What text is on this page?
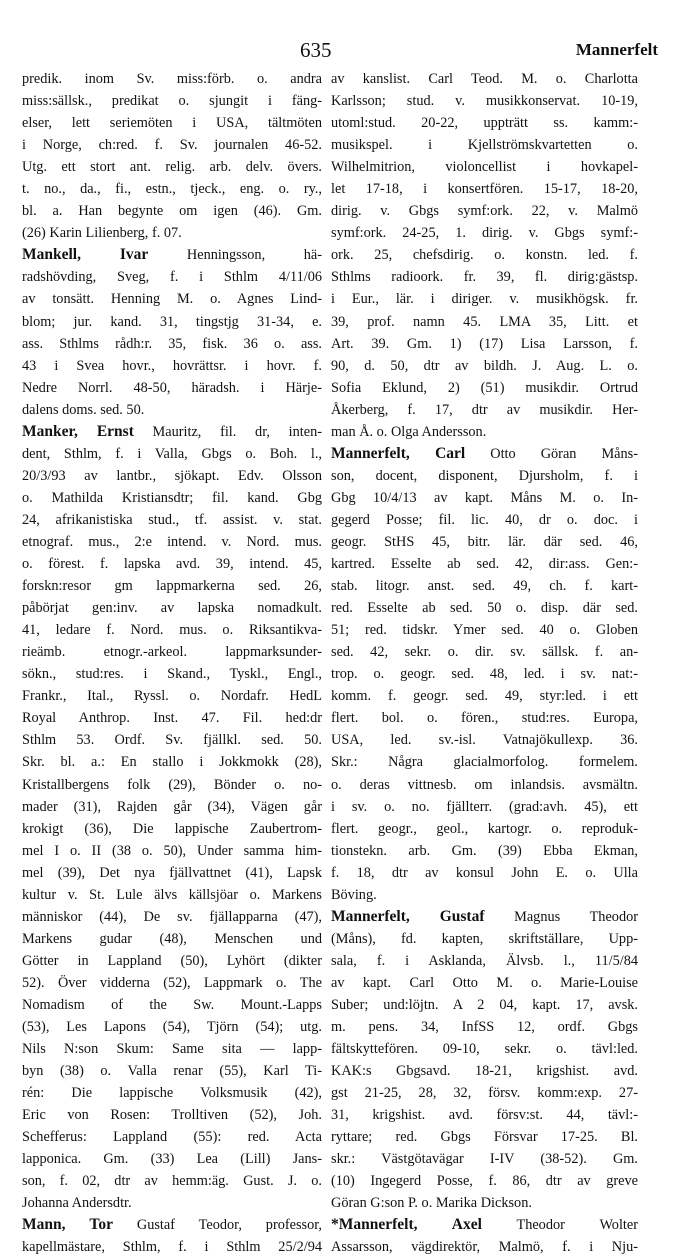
635	Mannerfelt
predik. inom Sv. miss:förb. o. andra
miss:sällsk., predikat o. sjungit i fäng-
elser, lett seriemöten i USA, tältmöten
i Norge, ch:red. f. Sv. journalen 46-52.
Utg. ett stort ant. relig. arb. delv. övers.
t. no., da., fi., estn., tjeck., eng. o. ry.,
bl. a. Han begynte om igen (46). Gm.
(26) Karin Lilienberg, f. 07.
Mankell, Ivar Henningsson, hä-
radshövding, Sveg, f. i Sthlm 4/11/06
av tonsätt. Henning M. o. Agnes Lind-
blom; jur. kand. 31, tingstjg 31-34, e.
ass. Sthlms rådh:r. 35, fisk. 36 o. ass.
43 i Svea hovr., hovrättsr. i hovr. f.
Nedre Norrl. 48-50, häradsh. i Härje-
dalens doms. sed. 50.
Manker, Ernst Mauritz, fil. dr, inten-
dent, Sthlm, f. i Valla, Gbgs o. Boh. l.,
20/3/93 av lantbr., sjökapt. Edv. Olsson
o. Mathilda Kristiansdtr; fil. kand. Gbg
24, afrikanistiska stud., tf. assist. v. stat.
etnograf. mus., 2:e intend. v. Nord. mus.
o. förest. f. lapska avd. 39, intend. 45,
forskn:resor gm lappmarkerna sed. 26,
påbörjat gen:inv. av lapska nomadkult.
41, ledare f. Nord. mus. o. Riksantikva-
rieämb. etnogr.-arkeol. lappmarksunder-
sökn., stud:res. i Skand., Tyskl., Engl.,
Frankr., Ital., Ryssl. o. Nordafr. HedL
Royal Anthrop. Inst. 47. Fil. hed:dr
Sthlm 53. Ordf. Sv. fjällkl. sed. 50.
Skr. bl. a.: En stallo i Jokkmokk (28),
Kristallbergens folk (29), Bönder o. no-
mader (31), Rajden går (34), Vägen går
krokigt (36), Die lappische Zaubertrom-
mel I o. II (38 o. 50), Under samma him-
mel (39), Det nya fjällvattnet (41), Lapsk
kultur v. St. Lule älvs källsjöar o. Markens
människor (44), De sv. fjällapparna (47),
Markens gudar (48), Menschen und
Götter in Lappland (50), Lyhört (dikter
52). Över vidderna (52), Lappmark o. The
Nomadism of the Sw. Mount.-Lapps
(53), Les Lapons (54), Tjörn (54); utg.
Nils N:son Skum: Same sita — lapp-
byn (38) o. Valla renar (55), Karl Ti-
rén: Die lappische Volksmusik (42),
Eric von Rosen: Trolltiven (52), Joh.
Schefferus: Lappland (55): red. Acta
lapponica. Gm. (33) Lea (Lill) Jans-
son, f. 02, dtr av hemm:äg. Gust. J. o.
Johanna Andersdtr.
Mann, Tor Gustaf Teodor, professor,
kapellmästare, Sthlm, f. i Sthlm 25/2/94
av kanslist. Carl Teod. M. o. Charlotta
Karlsson; stud. v. musikkonservat. 10-19,
utoml:stud. 20-22, uppträtt ss. kamm:-
musikspel. i Kjellströmskvartetten o.
Wilhelmitrion, violoncellist i hovkapel-
let 17-18, i konsertfören. 15-17, 18-20,
dirig. v. Gbgs symf:ork. 22, v. Malmö
symf:ork. 24-25, 1. dirig. v. Gbgs symf:-
ork. 25, chefsdirig. o. konstn. led. f.
Sthlms radioork. fr. 39, fl. dirig:gästsp.
i Eur., lär. i diriger. v. musikhögsk. fr.
39, prof. namn 45. LMA 35, Litt. et
Art. 39. Gm. 1) (17) Lisa Larsson, f.
90, d. 50, dtr av bildh. J. Aug. L. o.
Sofia Eklund, 2) (51) musikdir. Ortrud
Åkerberg, f. 17, dtr av musikdir. Her-
man Å. o. Olga Andersson.
Mannerfelt, Carl Otto Göran Måns-
son, docent, disponent, Djursholm, f. i
Gbg 10/4/13 av kapt. Måns M. o. In-
gegerd Posse; fil. lic. 40, dr o. doc. i
geogr. StHS 45, bitr. lär. där sed. 46,
kartred. Esselte ab sed. 42, dir:ass. Gen:-
stab. litogr. anst. sed. 49, ch. f. kart-
red. Esselte ab sed. 50 o. disp. där sed.
51; red. tidskr. Ymer sed. 40 o. Globen
sed. 42, sekr. o. dir. sv. sällsk. f. an-
trop. o. geogr. sed. 48, led. i sv. nat:-
komm. f. geogr. sed. 49, styr:led. i ett
flert. bol. o. fören., stud:res. Europa,
USA, led. sv.-isl. Vatnajökullexp. 36.
Skr.: Några glacialmorfolog. formelem.
o. deras vittnesb. om inlandsis. avsmältn.
i sv. o. no. fjällterr. (grad:avh. 45), ett
flert. geogr., geol., kartogr. o. reproduk-
tionstekn. arb. Gm. (39) Ebba Ekman,
f. 18, dtr av konsul John E. o. Ulla
Böving.
Mannerfelt, Gustaf Magnus Theodor
(Måns), fd. kapten, skriftställare, Upp-
sala, f. i Asklanda, Älvsb. l., 11/5/84
av kapt. Carl Otto M. o. Marie-Louise
Suber; und:löjtn. A 2 04, kapt. 17, avsk.
m. pens. 34, InfSS 12, ordf. Gbgs
fältskyttefören. 09-10, sekr. o. tävl:led.
KAK:s Gbgsavd. 18-21, krigshist. avd.
gst 21-25, 28, 32, försv. komm:exp. 27-
31, krigshist. avd. försv:st. 44, tävl:-
ryttare; red. Gbgs Försvar 17-25. Bl.
skr.: Västgötavägar I-IV (38-52). Gm.
(10) Ingegerd Posse, f. 86, dtr av greve
Göran G:son P. o. Marika Dickson.
*Mannerfelt, Axel Theodor Wolter
Assarsson, vägdirektör, Malmö, f. i Nju-
